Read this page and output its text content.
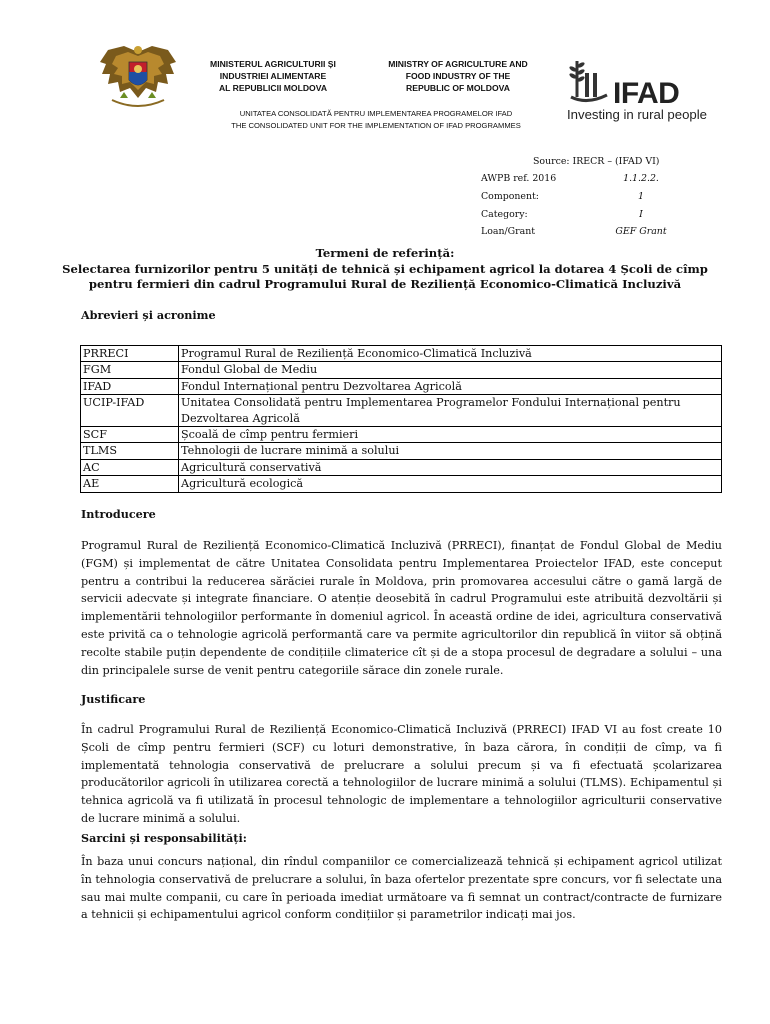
MINISTERUL AGRICULTURII ȘI
INDUSTRIEI ALIMENTARE
AL REPUBLICII MOLDOVA
MINISTRY OF AGRICULTURE AND
FOOD INDUSTRY OF THE
REPUBLIC OF MOLDOVA
UNITATEA CONSOLIDATĂ PENTRU IMPLEMENTAREA PROGRAMELOR IFAD
THE CONSOLIDATED UNIT FOR THE IMPLEMENTATION OF IFAD PROGRAMMES
IFAD
Investing in rural people
Source: IRECR – (IFAD VI)
AWPB ref. 2016	1.1.2.2.
Component:	1
Category:	I
Loan/Grant	GEF Grant
Termeni de referință:
Selectarea furnizorilor pentru 5 unități de tehnică și echipament agricol la dotarea 4 Școli de cîmp
pentru fermieri din cadrul Programului Rural de Reziliență Economico-Climatică Incluzivă
Abrevieri și acronime
PRRECI	Programul Rural de Reziliență Economico-Climatică Incluzivă
FGM	Fondul Global de Mediu
IFAD	Fondul Internațional pentru Dezvoltarea Agricolă
UCIP-IFAD	Unitatea Consolidată pentru Implementarea Programelor Fondului Internațional pentru Dezvoltarea Agricolă
SCF	Școală de cîmp pentru fermieri
TLMS	Tehnologii de lucrare minimă a solului
AC	Agricultură conservativă
AE	Agricultură ecologică
Introducere

Programul Rural de Reziliență Economico-Climatică Incluzivă (PRRECI), finanțat de Fondul Global de Mediu (FGM) și implementat de către Unitatea Consolidata pentru Implementarea Proiectelor IFAD, este conceput pentru a contribui la reducerea sărăciei rurale în Moldova, prin promovarea accesului către o gamă largă de servicii adecvate și integrate financiare. O atenție deosebită în cadrul Programului este atribuită dezvoltării și implementării tehnologiilor performante în domeniul agricol. În această ordine de idei, agricultura conservativă este privită ca o tehnologie agricolă performantă care va permite agricultorilor din republică în viitor să obțină recolte stabile puțin dependente de condițiile climaterice cît și de a stopa procesul de degradare a solului – una din principalele surse de venit pentru categoriile sărace din zonele rurale.

Justificare

În cadrul Programului Rural de Reziliență Economico-Climatică Incluzivă (PRRECI) IFAD VI au fost create 10 Școli de cîmp pentru fermieri (SCF) cu loturi demonstrative, în baza cărora, în condiții de cîmp, va fi implementată tehnologia conservativă de prelucrare a solului precum și va fi efectuată școlarizarea producătorilor agricoli în utilizarea corectă a tehnologiilor de lucrare minimă a solului (TLMS). Echipamentul și tehnica agricolă va fi utilizată în procesul tehnologic de implementare a tehnologiilor agriculturii conservative de lucrare minimă a solului.

Sarcini și responsabilități:

În baza unui concurs național, din rîndul companiilor ce comercializează tehnică și echipament agricol utilizat în tehnologia conservativă de prelucrare a solului, în baza ofertelor prezentate spre concurs, vor fi selectate una sau mai multe companii, cu care în perioada imediat următoare va fi semnat un contract/contracte de furnizare a tehnicii și echipamentului agricol conform condițiilor și parametrilor indicați mai jos.
